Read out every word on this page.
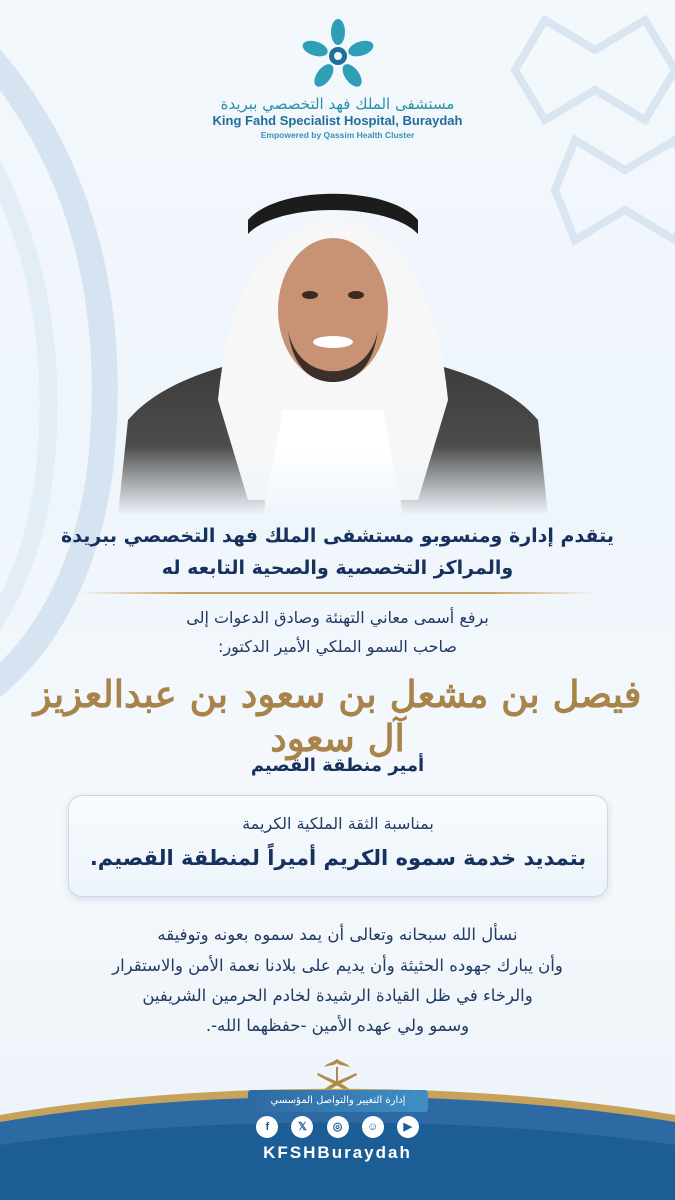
مستشفى الملك فهد التخصصي ببريدة
King Fahd Specialist Hospital, Buraydah
Empowered by Qassim Health Cluster
يتقدم إدارة ومنسوبو مستشفى الملك فهد التخصصي ببريدة
والمراكز التخصصية والصحية التابعه له
برفع أسمى معاني التهنئة وصادق الدعوات إلى
صاحب السمو الملكي الأمير الدكتور:
فيصل بن مشعل بن سعود بن عبدالعزيز آل سعود
أمير منطقة القصيم
بمناسبة الثقة الملكية الكريمة
بتمديد خدمة سموه الكريم أميراً لمنطقة القصيم.
نسأل الله سبحانه وتعالى أن يمد سموه بعونه وتوفيقه
وأن يبارك جهوده الحثيثة وأن يديم على بلادنا نعمة الأمن والاستقرار
والرخاء في ظل القيادة الرشيدة لخادم الحرمين الشريفين
وسمو ولي عهده الأمين -حفظهما الله-.
إدارة التغيير والتواصل المؤسسي
f	𝕏 ◎ ☺ ▶
KFSHBuraydah
